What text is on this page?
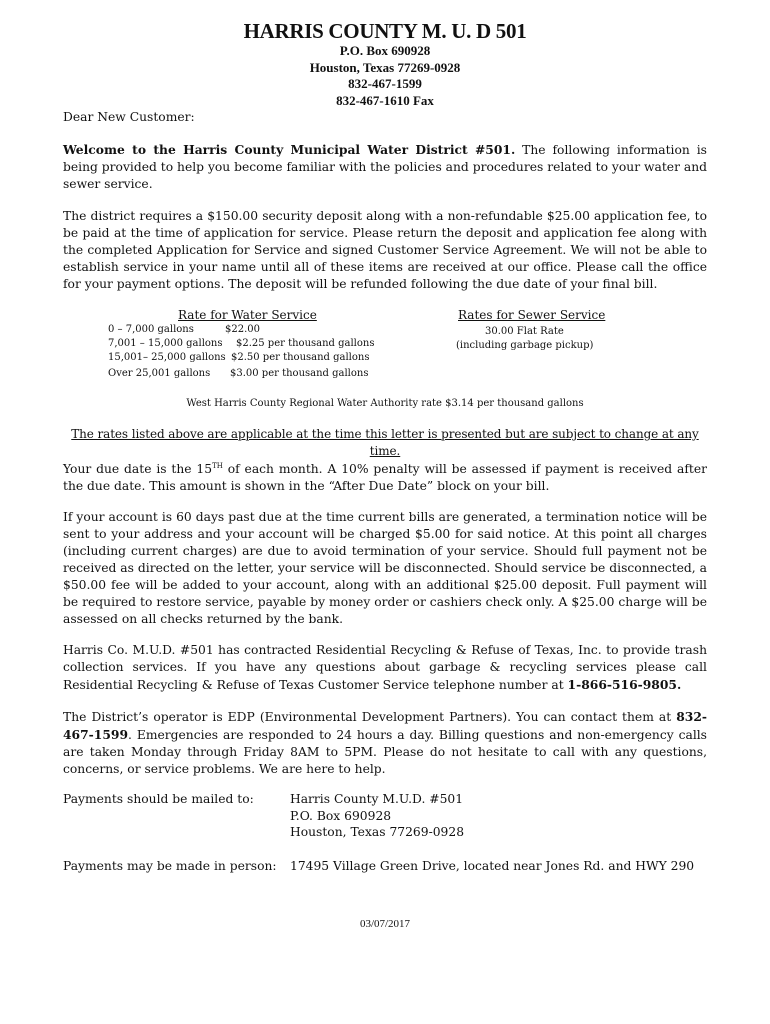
HARRIS COUNTY M. U. D 501
P.O. Box 690928
Houston, Texas 77269-0928
832-467-1599
832-467-1610 Fax
Dear New Customer:
Welcome to the Harris County Municipal Water District #501. The following information is being provided to help you become familiar with the policies and procedures related to your water and sewer service.
The district requires a $150.00 security deposit along with a non-refundable $25.00 application fee, to be paid at the time of application for service. Please return the deposit and application fee along with the completed Application for Service and signed Customer Service Agreement. We will not be able to establish service in your name until all of these items are received at our office. Please call the office for your payment options. The deposit will be refunded following the due date of your final bill.
Rate for Water Service	Rates for Sewer Service
0 – 7,000 gallons	$22.00
7,001 – 15,000 gallons $2.25 per thousand gallons
15,001– 25,000 gallons $2.50 per thousand gallons
Over 25,001 gallons $3.00 per thousand gallons
30.00 Flat Rate
(including garbage pickup)
West Harris County Regional Water Authority rate $3.14 per thousand gallons
The rates listed above are applicable at the time this letter is presented but are subject to change at any time.
Your due date is the 15TH of each month. A 10% penalty will be assessed if payment is received after the due date. This amount is shown in the “After Due Date” block on your bill.
If your account is 60 days past due at the time current bills are generated, a termination notice will be sent to your address and your account will be charged $5.00 for said notice. At this point all charges (including current charges) are due to avoid termination of your service. Should full payment not be received as directed on the letter, your service will be disconnected. Should service be disconnected, a $50.00 fee will be added to your account, along with an additional $25.00 deposit. Full payment will be required to restore service, payable by money order or cashiers check only. A $25.00 charge will be assessed on all checks returned by the bank.
Harris Co. M.U.D. #501 has contracted Residential Recycling & Refuse of Texas, Inc. to provide trash collection services. If you have any questions about garbage & recycling services please call Residential Recycling & Refuse of Texas Customer Service telephone number at 1-866-516-9805.
The District’s operator is EDP (Environmental Development Partners). You can contact them at 832-467-1599. Emergencies are responded to 24 hours a day. Billing questions and non-emergency calls are taken Monday through Friday 8AM to 5PM. Please do not hesitate to call with any questions, concerns, or service problems. We are here to help.
Payments should be mailed to:	Harris County M.U.D. #501
P.O. Box 690928
Houston, Texas 77269-0928
Payments may be made in person: 17495 Village Green Drive, located near Jones Rd. and HWY 290
03/07/2017
